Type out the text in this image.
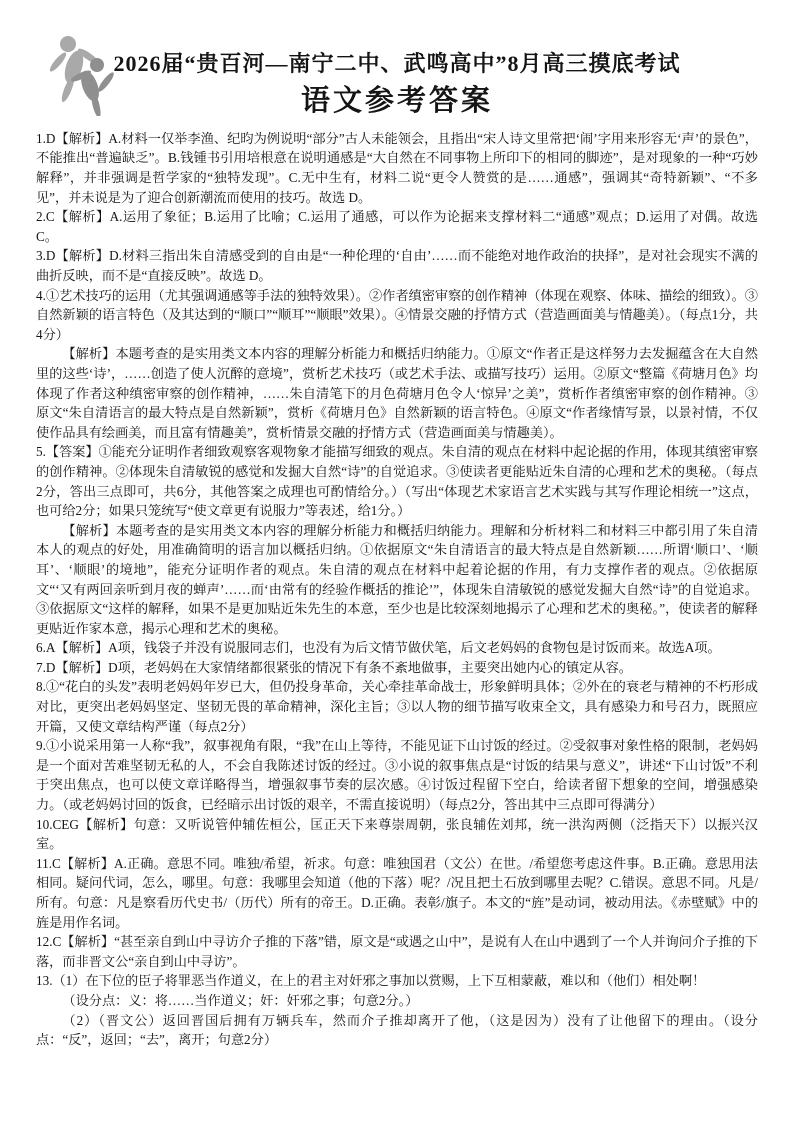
2026届“贵百河—南宁二中、武鸣高中”8月高三摸底考试
语文参考答案

1.D【解析】A.材料一仅举李渔、纪昀为例说明“部分”古人未能领会，且指出“宋人诗文里常把‘闹’字用来形容无‘声’的景色”，不能推出“普遍缺乏”。B.钱锺书引用培根意在说明通感是“大自然在不同事物上所印下的相同的脚迹”，是对现象的一种“巧妙解释”，并非强调是哲学家的“独特发现”。C.无中生有，材料二说“更令人赞赏的是……通感”，强调其“奇特新颖”、“不多见”，并未说是为了迎合创新潮流而使用的技巧。故选 D。

2.C【解析】A.运用了象征；B.运用了比喻；C.运用了通感，可以作为论据来支撑材料二“通感”观点；D.运用了对偶。故选 C。

3.D【解析】D.材料三指出朱自清感受到的自由是“一种伦理的‘自由’……而不能绝对地作政治的抉择”，是对社会现实不满的曲折反映，而不是“直接反映”。故选 D。

4.①艺术技巧的运用（尤其强调通感等手法的独特效果）。②作者缜密审察的创作精神（体现在观察、体味、描绘的细致）。③自然新颖的语言特色（及其达到的“顺口”“顺耳”“顺眼”效果）。④情景交融的抒情方式（营造画面美与情趣美）。（每点1分，共4分）

【解析】本题考查的是实用类文本内容的理解分析能力和概括归纳能力。①原文“作者正是这样努力去发掘蕴含在大自然里的这些‘诗’，……创造了使人沉醉的意境”，赏析艺术技巧（或艺术手法、或描写技巧）运用。②原文“整篇《荷塘月色》均体现了作者这种缜密审察的创作精神，……朱自清笔下的月色荷塘月色令人‘惊异’之美”，赏析作者缜密审察的创作精神。③原文“朱自清语言的最大特点是自然新颖”，赏析《荷塘月色》自然新颖的语言特色。④原文“作者缘情写景，以景衬情，不仅使作品具有绘画美，而且富有情趣美”，赏析情景交融的抒情方式（营造画面美与情趣美）。

5.【答案】①能充分证明作者细致观察客观物象才能描写细致的观点。朱自清的观点在材料中起论据的作用，体现其缜密审察的创作精神。②体现朱自清敏锐的感觉和发掘大自然“诗”的自觉追求。③使读者更能贴近朱自清的心理和艺术的奥秘。（每点2分，答出三点即可，共6分，其他答案之成理也可酌情给分。）（写出“体现艺术家语言艺术实践与其写作理论相统一”这点，也可给2分；如果只笼统写“使文章更有说服力”等表述，给1分。）

【解析】本题考查的是实用类文本内容的理解分析能力和概括归纳能力。理解和分析材料二和材料三中都引用了朱自清本人的观点的好处，用准确简明的语言加以概括归纳。①依据原文“朱自清语言的最大特点是自然新颖……所谓‘顺口’、‘顺耳’、‘顺眼’的境地”，能充分证明作者的观点。朱自清的观点在材料中起着论据的作用，有力支撑作者的观点。②依据原文“‘又有两回亲听到月夜的蝉声’……而‘由常有的经验作概括的推论’”，体现朱自清敏锐的感觉发掘大自然“诗”的自觉追求。③依据原文“这样的解释，如果不是更加贴近朱先生的本意，至少也是比较深刻地揭示了心理和艺术的奥秘。”，使读者的解释更贴近作家本意，揭示心理和艺术的奥秘。

6.A【解析】A项，钱袋子并没有说服同志们，也没有为后文情节做伏笔，后文老妈妈的食物包是讨饭而来。故选A项。

7.D【解析】D项，老妈妈在大家情绪都很紧张的情况下有条不紊地做事，主要突出她内心的镇定从容。

8.①“花白的头发”表明老妈妈年岁已大，但仍投身革命，关心牵挂革命战士，形象鲜明具体；②外在的衰老与精神的不朽形成对比，更突出老妈妈坚定、坚韧无畏的革命精神，深化主旨；③以人物的细节描写收束全文，具有感染力和号召力，既照应开篇，又使文章结构严谨（每点2分）

9.①小说采用第一人称“我”，叙事视角有限，“我”在山上等待，不能见证下山讨饭的经过。②受叙事对象性格的限制，老妈妈是一个面对苦难坚韧无私的人，不会自我陈述讨饭的经过。③小说的叙事焦点是“讨饭的结果与意义”，讲述“下山讨饭”不利于突出焦点，也可以使文章详略得当，增强叙事节奏的层次感。④讨饭过程留下空白，给读者留下想象的空间，增强感染力。（或老妈妈讨回的饭食，已经暗示出讨饭的艰辛，不需直接说明）（每点2分，答出其中三点即可得满分）

10.CEG【解析】句意：又听说管仲辅佐桓公，匡正天下来尊崇周朝，张良辅佐刘邦，统一洪沟两侧（泛指天下）以振兴汉室。

11.C【解析】A.正确。意思不同。唯独/希望，祈求。句意：唯独国君（文公）在世。/希望您考虑这件事。B.正确。意思用法相同。疑问代词，怎么，哪里。句意：我哪里会知道（他的下落）呢？/况且把土石放到哪里去呢？C.错误。意思不同。凡是/所有。句意：凡是察看历代史书/（历代）所有的帝王。D.正确。表彰/旗子。本文的“旌”是动词，被动用法。《赤壁赋》中的旌是用作名词。

12.C【解析】“甚至亲自到山中寻访介子推的下落”错，原文是“或遇之山中”，是说有人在山中遇到了一个人并询问介子推的下落，而非晋文公“亲自到山中寻访”。

13.（1）在下位的臣子将罪恶当作道义，在上的君主对奸邪之事加以赏赐，上下互相蒙蔽，难以和（他们）相处啊！

（设分点：义：将……当作道义；奸：奸邪之事；句意2分。）

（2）（晋文公）返回晋国后拥有万辆兵车，然而介子推却离开了他，（这是因为）没有了让他留下的理由。（设分点：“反”，返回；“去”，离开；句意2分）
